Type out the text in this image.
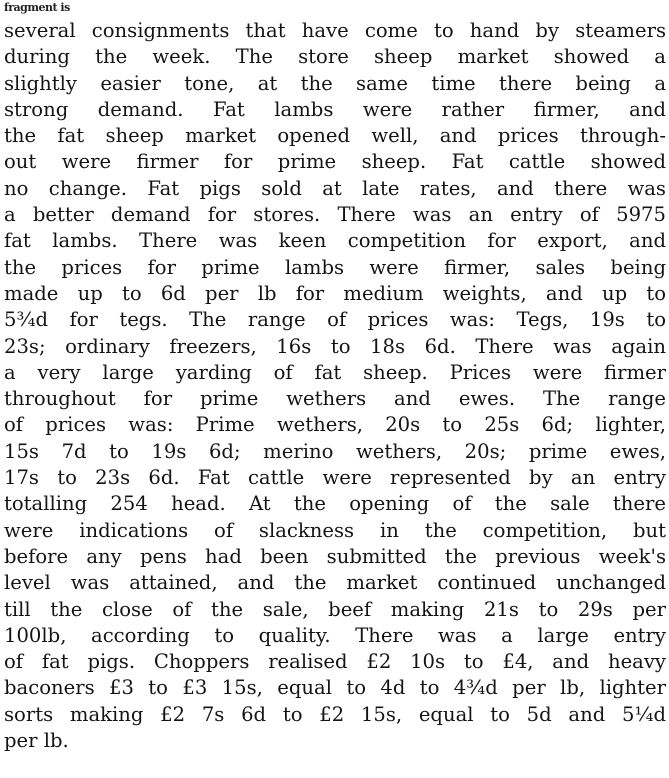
fragment is
several consignments that have come to hand by steamers
during the week. The store sheep market showed a
slightly easier tone, at the same time there being a
strong demand. Fat lambs were rather firmer, and
the fat sheep market opened well, and prices through-
out were firmer for prime sheep. Fat cattle showed
no change. Fat pigs sold at late rates, and there was
a better demand for stores. There was an entry of 5975
fat lambs. There was keen competition for export, and
the prices for prime lambs were firmer, sales being
made up to 6d per lb for medium weights, and up to
5¾d for tegs. The range of prices was: Tegs, 19s to
23s; ordinary freezers, 16s to 18s 6d. There was again
a very large yarding of fat sheep. Prices were firmer
throughout for prime wethers and ewes. The range
of prices was: Prime wethers, 20s to 25s 6d; lighter,
15s 7d to 19s 6d; merino wethers, 20s; prime ewes,
17s to 23s 6d. Fat cattle were represented by an entry
totalling 254 head. At the opening of the sale there
were indications of slackness in the competition, but
before any pens had been submitted the previous week's
level was attained, and the market continued unchanged
till the close of the sale, beef making 21s to 29s per
100lb, according to quality. There was a large entry
of fat pigs. Choppers realised £2 10s to £4, and heavy
baconers £3 to £3 15s, equal to 4d to 4¾d per lb, lighter
sorts making £2 7s 6d to £2 15s, equal to 5d and 5¼d
per lb.
